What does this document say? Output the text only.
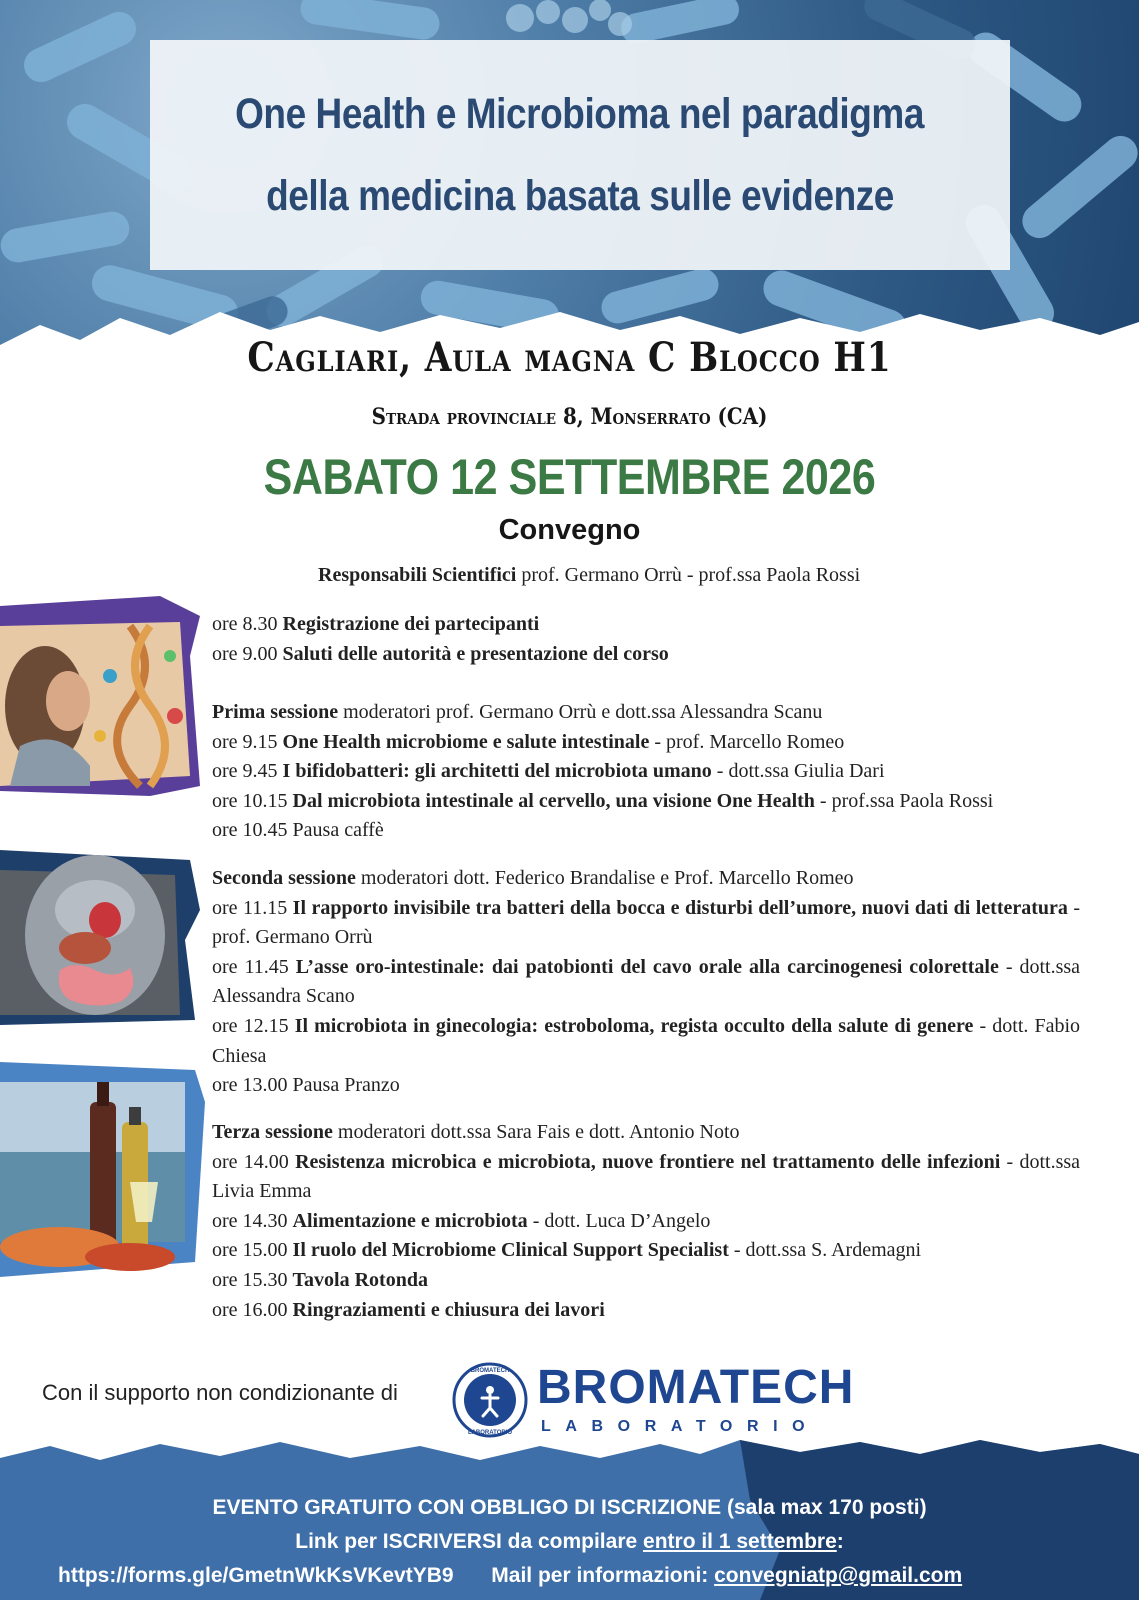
One Health e Microbioma nel paradigma
della medicina basata sulle evidenze
Cagliari, Aula magna C Blocco H1
Strada provinciale 8, Monserrato (CA)
SABATO 12 SETTEMBRE 2026
Convegno
Responsabili Scientifici prof. Germano Orrù - prof.ssa Paola Rossi
ore 8.30 Registrazione dei partecipanti
ore 9.00 Saluti delle autorità e presentazione del corso
Prima sessione moderatori prof. Germano Orrù e dott.ssa Alessandra Scanu
ore 9.15 One Health microbiome e salute intestinale - prof. Marcello Romeo
ore 9.45 I bifidobatteri: gli architetti del microbiota umano - dott.ssa Giulia Dari
ore 10.15 Dal microbiota intestinale al cervello, una visione One Health - prof.ssa Paola Rossi
ore 10.45 Pausa caffè
Seconda sessione moderatori dott. Federico Brandalise e Prof. Marcello Romeo
ore 11.15 Il rapporto invisibile tra batteri della bocca e disturbi dell’umore, nuovi dati di letteratura - prof. Germano Orrù
ore 11.45 L’asse oro-intestinale: dai patobionti del cavo orale alla carcinogenesi colorettale - dott.ssa Alessandra Scano
ore 12.15 Il microbiota in ginecologia: estroboloma, regista occulto della salute di genere - dott. Fabio Chiesa
ore 13.00 Pausa Pranzo
Terza sessione moderatori dott.ssa Sara Fais e dott. Antonio Noto
ore 14.00 Resistenza microbica e microbiota, nuove frontiere nel trattamento delle infezioni - dott.ssa Livia Emma
ore 14.30 Alimentazione e microbiota - dott. Luca D’Angelo
ore 15.00 Il ruolo del Microbiome Clinical Support Specialist - dott.ssa S. Ardemagni
ore 15.30 Tavola Rotonda
ore 16.00 Ringraziamenti e chiusura dei lavori
Con il supporto non condizionante di
BROMATECH
LABORATORIO
BROMATECH
LABORATORIO
EVENTO GRATUITO CON OBBLIGO DI ISCRIZIONE (sala max 170 posti)
Link per ISCRIVERSI da compilare entro il 1 settembre:
https://forms.gle/GmetnWkKsVKevtYB9 Mail per informazioni: convegniatp@gmail.com
